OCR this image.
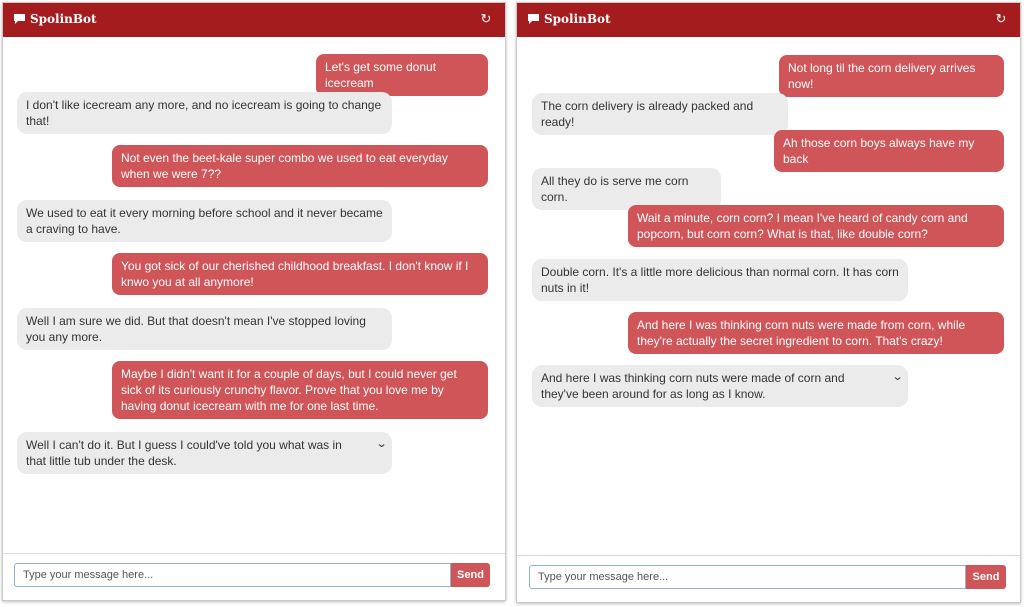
SpolinBot	↻
Let's get some donut icecream
I don't like icecream any more, and no icecream is going to change that!
Not even the beet-kale super combo we used to eat everyday when we were 7??
We used to eat it every morning before school and it never became a craving to have.
You got sick of our cherished childhood breakfast. I don't know if I knwo you at all anymore!
Well I am sure we did. But that doesn't mean I've stopped loving you any more.
Maybe I didn't want it for a couple of days, but I could never get sick of its curiously crunchy flavor. Prove that you love me by having donut icecream with me for one last time.
Well I can't do it. But I guess I could've told you what was in that little tub under the desk.
⌄
Type your message here...
Send
SpolinBot	↻
Not long til the corn delivery arrives now!
The corn delivery is already packed and ready!
Ah those corn boys always have my back
All they do is serve me corn corn.
Wait a minute, corn corn? I mean I've heard of candy corn and popcorn, but corn corn? What is that, like double corn?
Double corn. It's a little more delicious than normal corn. It has corn nuts in it!
And here I was thinking corn nuts were made from corn, while they're actually the secret ingredient to corn. That's crazy!
And here I was thinking corn nuts were made of corn and they've been around for as long as I know.
⌄
Type your message here...
Send
